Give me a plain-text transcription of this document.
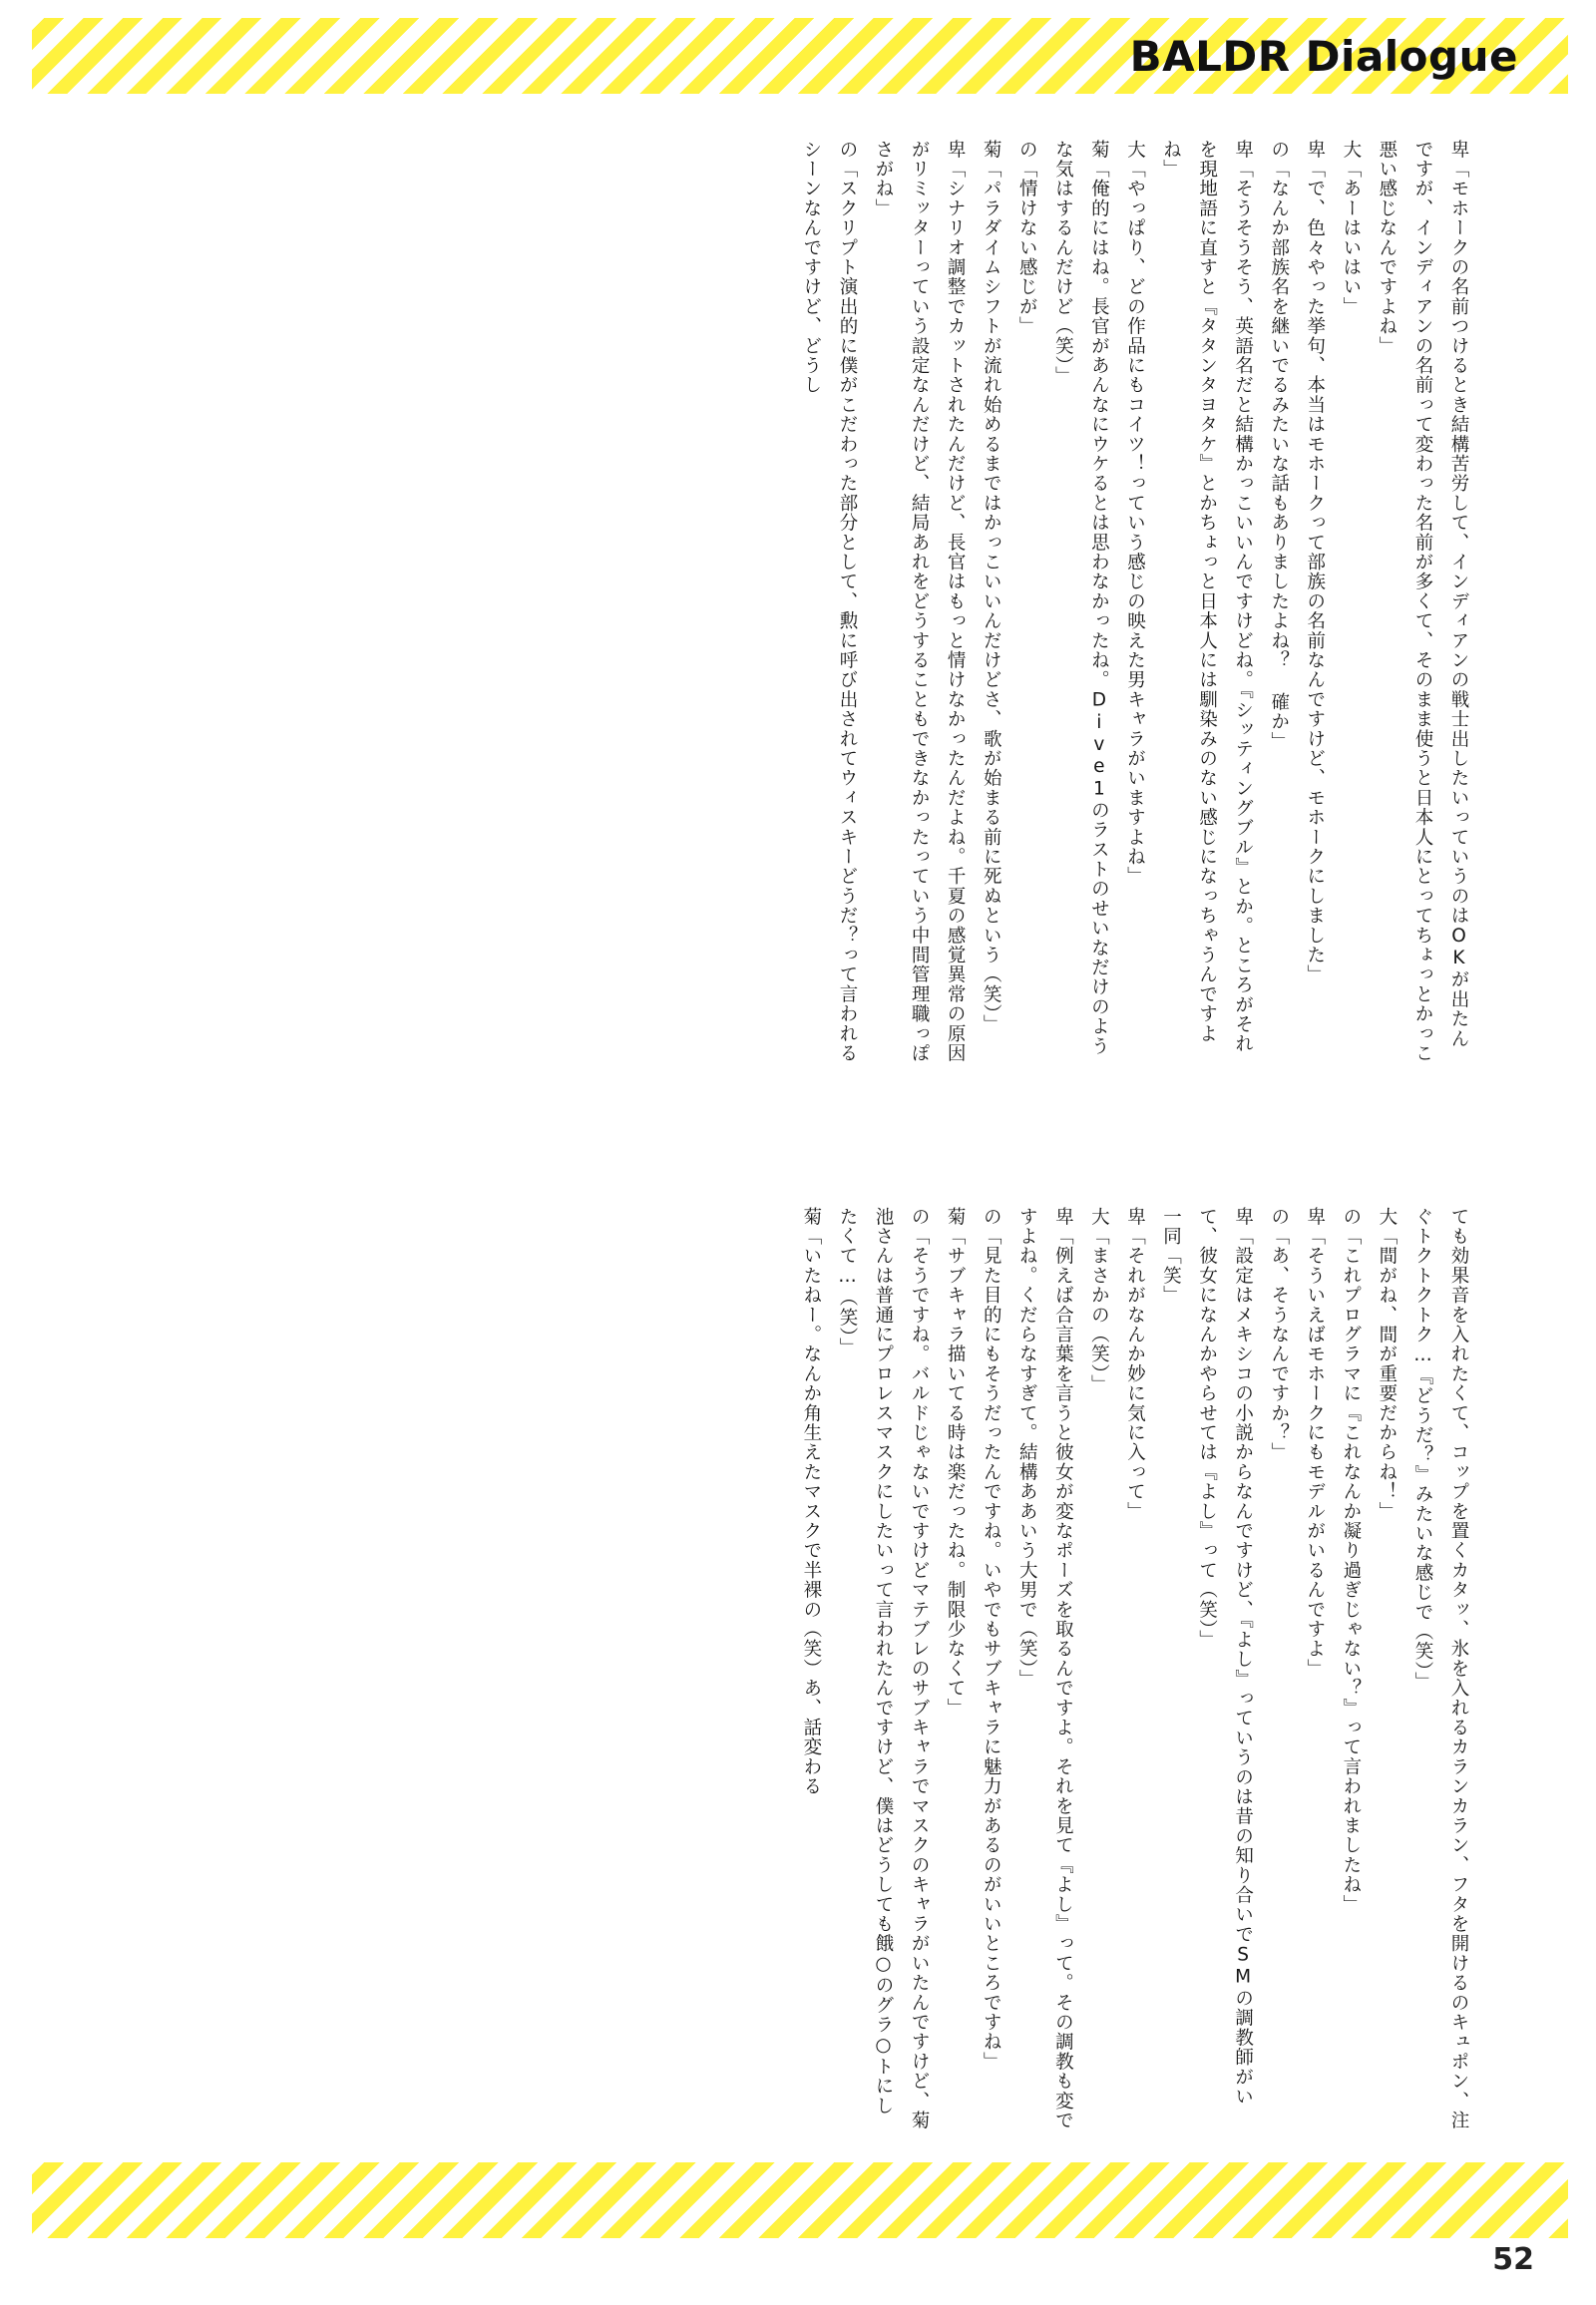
BALDR Dialogue
卑「モホークの名前つけるとき結構苦労して、インディアンの戦士出したいっていうのはOKが出たんですが、インディアンの名前って変わった名前が多くて、そのまま使うと日本人にとってちょっとかっこ悪い感じなんですよね」
大「あーはいはい」
卑「で、色々やった挙句、本当はモホークって部族の名前なんですけど、モホークにしました」
の「なんか部族名を継いでるみたいな話もありましたよね？ 確か」
卑「そうそうそう、英語名だと結構かっこいいんですけどね。『シッティングブル』とか。ところがそれを現地語に直すと『タタンタヨタケ』とかちょっと日本人には馴染みのない感じになっちゃうんですよね」
大「やっぱり、どの作品にもコイツ！っていう感じの映えた男キャラがいますよね」
菊「俺的にはね。長官があんなにウケるとは思わなかったね。Dive1のラストのせいなだけのような気はするんだけど（笑）」
の「情けない感じが」
菊「パラダイムシフトが流れ始めるまではかっこいいんだけどさ、歌が始まる前に死ぬという（笑）」
卑「シナリオ調整でカットされたんだけど、長官はもっと情けなかったんだよね。千夏の感覚異常の原因がリミッターっていう設定なんだけど、結局あれをどうすることもできなかったっていう中間管理職っぽさがね」
の「スクリプト演出的に僕がこだわった部分として、勲に呼び出されてウィスキーどうだ？って言われるシーンなんですけど、どうし
ても効果音を入れたくて、コップを置くカタッ、氷を入れるカランカラン、フタを開けるのキュポン、注ぐトクトクトク…『どうだ？』みたいな感じで（笑）」
大「間がね、間が重要だからね！」
の「これプログラマに『これなんか凝り過ぎじゃない？』って言われましたね」
卑「そういえばモホークにもモデルがいるんですよ」
の「あ、そうなんですか？」
卑「設定はメキシコの小説からなんですけど、『よし』っていうのは昔の知り合いでSMの調教師がいて、彼女になんかやらせては『よし』って（笑）」
一同「笑」
卑「それがなんか妙に気に入って」
大「まさかの（笑）」
卑「例えば合言葉を言うと彼女が変なポーズを取るんですよ。それを見て『よし』って。その調教も変ですよね。くだらなすぎて。結構ああいう大男で（笑）」
の「見た目的にもそうだったんですね。いやでもサブキャラに魅力があるのがいいところですね」
菊「サブキャラ描いてる時は楽だったね。制限少なくて」
の「そうですね。バルドじゃないですけどマテブレのサブキャラでマスクのキャラがいたんですけど、菊池さんは普通にプロレスマスクにしたいって言われたんですけど、僕はどうしても餓○のグラ○トにしたくて…（笑）」
菊「いたねー。なんか角生えたマスクで半裸の（笑）あ、話変わる
52
